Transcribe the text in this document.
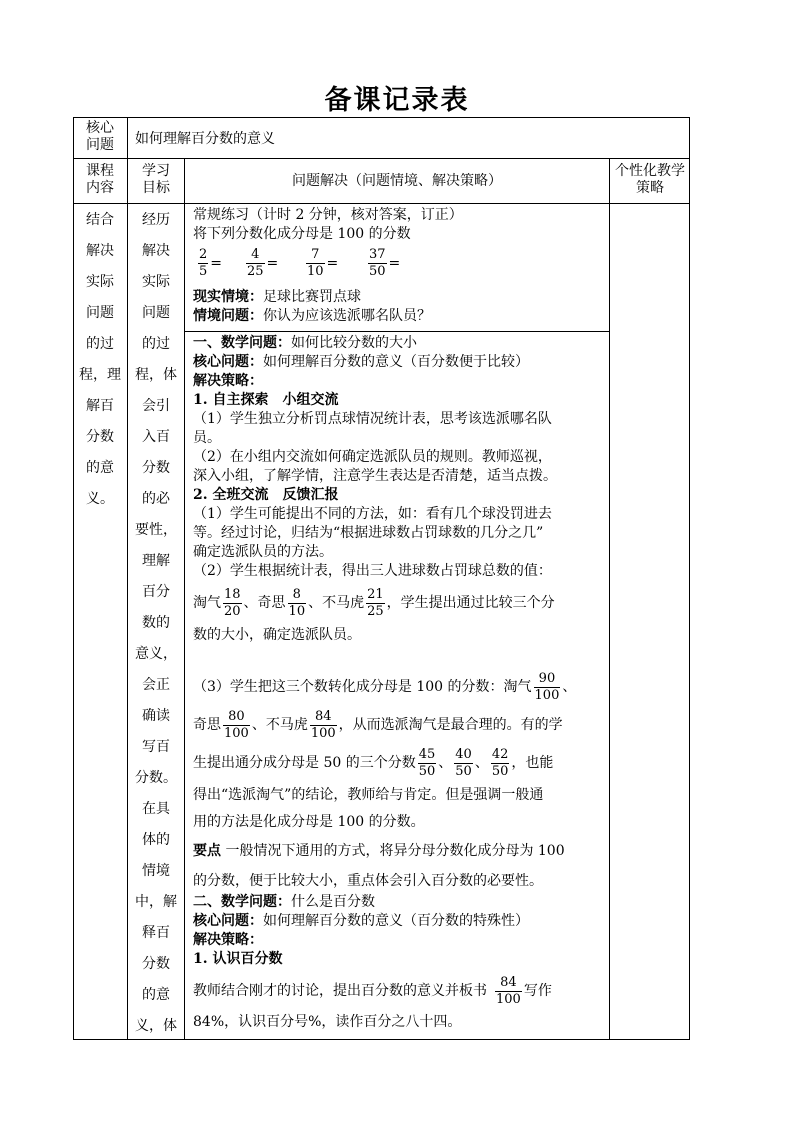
备课记录表
核心问题	如何理解百分数的意义
课程内容
学习目标	问题解决（问题情境、解决策略）
个性化教学策略
结合
解决
实际
问题
的过
程，理
解百
分数
的意
义。
经历
解决
实际
问题
的过
程，体
会引
入百
分数
的必
要性，
理解
百分
数的
意义，
会正
确读
写百
分数。
在具
体的
情境
中，解
释百
分数
的意
义，体
常规练习（计时 2 分钟，核对答案，订正）
将下列分数化成分母是 100 的分数
$\frac{2}{5} = \frac{4}{25} = \frac{7}{10} = \frac{37}{50}$ =
现实情境：足球比赛罚点球
情境问题：你认为应该选派哪名队员？
一、数学问题：如何比较分数的大小
核心问题：如何理解百分数的意义（百分数便于比较）
解决策略：
1. 自主探索　小组交流
（1）学生独立分析罚点球情况统计表，思考该选派哪名队
员。
（2）在小组内交流如何确定选派队员的规则。教师巡视，
深入小组，了解学情，注意学生表达是否清楚，适当点拨。
2. 全班交流　反馈汇报
（1）学生可能提出不同的方法，如：看有几个球没罚进去
等。经过讨论，归结为“根据进球数占罚球数的几分之几”
确定选派队员的方法。
（2）学生根据统计表，得出三人进球数占罚球总数的值：
淘气 $\frac{18}{20}$ 、奇思 $\frac{8}{10}$ 、不马虎 $\frac{21}{25}$ ，学生提出通过比较三个分
数的大小，确定选派队员。
（3）学生把这三个数转化成分母是 100 的分数：淘气 $\frac{90}{100}$ 、
奇思 $\frac{80}{100}$ 、不马虎 $\frac{84}{100}$ ，从而选派淘气是最合理的。有的学
生提出通分成分母是 50 的三个分数 $\frac{45}{50}$ 、 $\frac{40}{50}$ 、 $\frac{42}{50}$ ，也能
得出“选派淘气”的结论，教师给与肯定。但是强调一般通
用的方法是化成分母是 100 的分数。
要点 一般情况下通用的方式，将异分母分数化成分母为 100
的分数，便于比较大小，重点体会引入百分数的必要性。
二、数学问题：什么是百分数
核心问题：如何理解百分数的意义（百分数的特殊性）
解决策略：
1. 认识百分数
教师结合刚才的讨论，提出百分数的意义并板书 $\frac{84}{100}$ 写作
84%，认识百分号%，读作百分之八十四。
